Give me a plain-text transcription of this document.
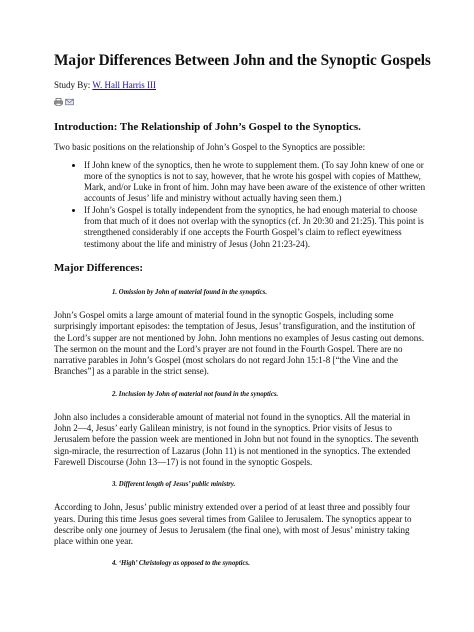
Major Differences Between John and the Synoptic Gospels

Study By: W. Hall Harris III

Introduction: The Relationship of John’s Gospel to the Synoptics.

Two basic positions on the relationship of John’s Gospel to the Synoptics are possible:

• If John knew of the synoptics, then he wrote to supplement them. (To say John knew of one or more of the synoptics is not to say, however, that he wrote his gospel with copies of Matthew, Mark, and/or Luke in front of him. John may have been aware of the existence of other written accounts of Jesus’ life and ministry without actually having seen them.)
• If John’s Gospel is totally independent from the synoptics, he had enough material to choose from that much of it does not overlap with the synoptics (cf. Jn 20:30 and 21:25). This point is strengthened considerably if one accepts the Fourth Gospel’s claim to reflect eyewitness testimony about the life and ministry of Jesus (John 21:23-24).
Major Differences:
1. Omission by John of material found in the synoptics.

John’s Gospel omits a large amount of material found in the synoptic Gospels, including some surprisingly important episodes: the temptation of Jesus, Jesus’ transfiguration, and the institution of the Lord’s supper are not mentioned by John. John mentions no examples of Jesus casting out demons. The sermon on the mount and the Lord’s prayer are not found in the Fourth Gospel. There are no narrative parables in John’s Gospel (most scholars do not regard John 15:1-8 [“the Vine and the Branches”] as a parable in the strict sense).

2. Inclusion by John of material not found in the synoptics.

John also includes a considerable amount of material not found in the synoptics. All the material in John 2—4, Jesus’ early Galilean ministry, is not found in the synoptics. Prior visits of Jesus to Jerusalem before the passion week are mentioned in John but not found in the synoptics. The seventh sign-miracle, the resurrection of Lazarus (John 11) is not mentioned in the synoptics. The extended Farewell Discourse (John 13—17) is not found in the synoptic Gospels.

3. Different length of Jesus’ public ministry.

According to John, Jesus’ public ministry extended over a period of at least three and possibly four years. During this time Jesus goes several times from Galilee to Jerusalem. The synoptics appear to describe only one journey of Jesus to Jerusalem (the final one), with most of Jesus’ ministry taking place within one year.

4. ‘High’ Christology as opposed to the synoptics.
